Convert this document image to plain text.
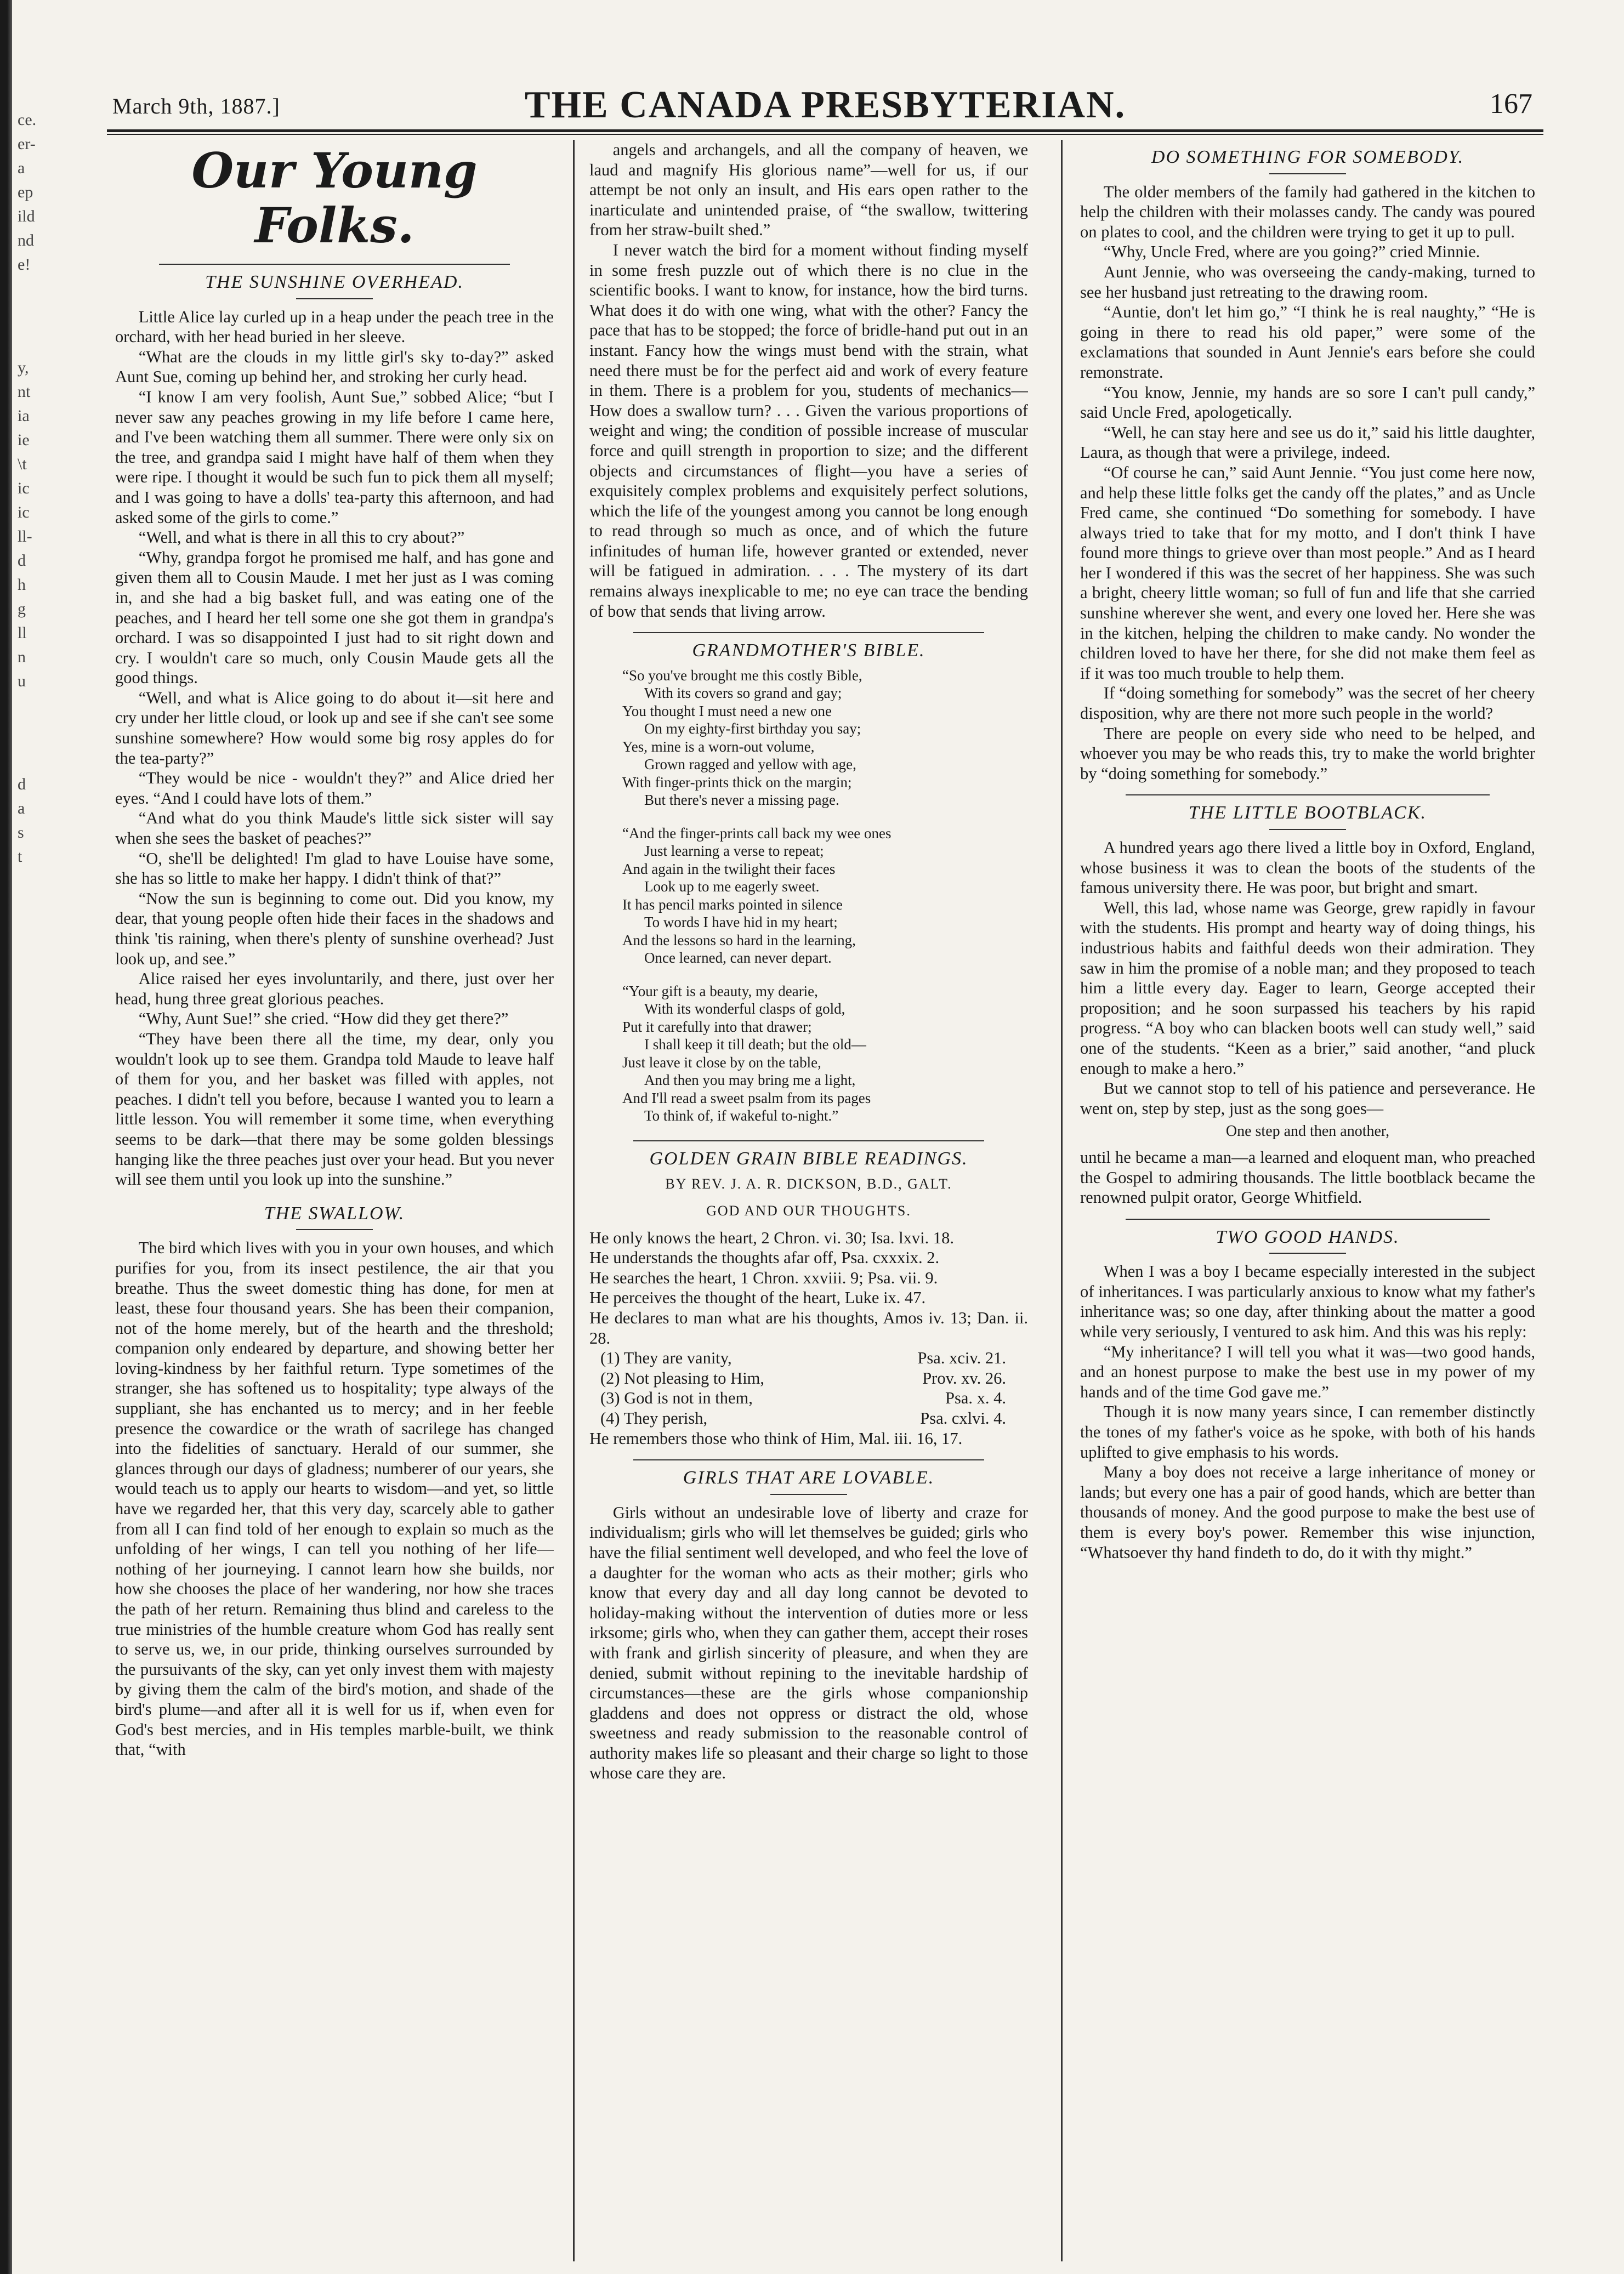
ce.
er-
a
ep
ild
nd
e!
y,
nt
ia
ie
\t
ic
ic
ll-
d
h
g
ll
n
u
d
a
s
t
March 9th, 1887.]	THE CANADA PRESBYTERIAN.	167
Our Young Folks.
THE SUNSHINE OVERHEAD.

Little Alice lay curled up in a heap under the peach tree in the orchard, with her head buried in her sleeve.

“What are the clouds in my little girl's sky to-day?” asked Aunt Sue, coming up behind her, and stroking her curly head.

“I know I am very foolish, Aunt Sue,” sobbed Alice; “but I never saw any peaches growing in my life before I came here, and I've been watching them all summer. There were only six on the tree, and grandpa said I might have half of them when they were ripe. I thought it would be such fun to pick them all myself; and I was going to have a dolls' tea-party this afternoon, and had asked some of the girls to come.”

“Well, and what is there in all this to cry about?”

“Why, grandpa forgot he promised me half, and has gone and given them all to Cousin Maude. I met her just as I was coming in, and she had a big basket full, and was eating one of the peaches, and I heard her tell some one she got them in grandpa's orchard. I was so disappointed I just had to sit right down and cry. I wouldn't care so much, only Cousin Maude gets all the good things.

“Well, and what is Alice going to do about it—sit here and cry under her little cloud, or look up and see if she can't see some sunshine somewhere? How would some big rosy apples do for the tea-party?”

“They would be nice - wouldn't they?” and Alice dried her eyes. “And I could have lots of them.”

“And what do you think Maude's little sick sister will say when she sees the basket of peaches?”

“O, she'll be delighted! I'm glad to have Louise have some, she has so little to make her happy. I didn't think of that?”

“Now the sun is beginning to come out. Did you know, my dear, that young people often hide their faces in the shadows and think 'tis raining, when there's plenty of sunshine overhead? Just look up, and see.”

Alice raised her eyes involuntarily, and there, just over her head, hung three great glorious peaches.

“Why, Aunt Sue!” she cried. “How did they get there?”

“They have been there all the time, my dear, only you wouldn't look up to see them. Grandpa told Maude to leave half of them for you, and her basket was filled with apples, not peaches. I didn't tell you before, because I wanted you to learn a little lesson. You will remember it some time, when everything seems to be dark—that there may be some golden blessings hanging like the three peaches just over your head. But you never will see them until you look up into the sunshine.”

THE SWALLOW.

The bird which lives with you in your own houses, and which purifies for you, from its insect pestilence, the air that you breathe. Thus the sweet domestic thing has done, for men at least, these four thousand years. She has been their companion, not of the home merely, but of the hearth and the threshold; companion only endeared by departure, and showing better her loving-kindness by her faithful return. Type sometimes of the stranger, she has softened us to hospitality; type always of the suppliant, she has enchanted us to mercy; and in her feeble presence the cowardice or the wrath of sacrilege has changed into the fidelities of sanctuary. Herald of our summer, she glances through our days of gladness; numberer of our years, she would teach us to apply our hearts to wisdom—and yet, so little have we regarded her, that this very day, scarcely able to gather from all I can find told of her enough to explain so much as the unfolding of her wings, I can tell you nothing of her life—nothing of her journeying. I cannot learn how she builds, nor how she chooses the place of her wandering, nor how she traces the path of her return. Remaining thus blind and careless to the true ministries of the humble creature whom God has really sent to serve us, we, in our pride, thinking ourselves surrounded by the pursuivants of the sky, can yet only invest them with majesty by giving them the calm of the bird's motion, and shade of the bird's plume—and after all it is well for us if, when even for God's best mercies, and in His temples marble-built, we think that, “with

angels and archangels, and all the company of heaven, we laud and magnify His glorious name”—well for us, if our attempt be not only an insult, and His ears open rather to the inarticulate and unintended praise, of “the swallow, twittering from her straw-built shed.”

I never watch the bird for a moment without finding myself in some fresh puzzle out of which there is no clue in the scientific books. I want to know, for instance, how the bird turns. What does it do with one wing, what with the other? Fancy the pace that has to be stopped; the force of bridle-hand put out in an instant. Fancy how the wings must bend with the strain, what need there must be for the perfect aid and work of every feature in them. There is a problem for you, students of mechanics—How does a swallow turn? . . . Given the various proportions of weight and wing; the condition of possible increase of muscular force and quill strength in proportion to size; and the different objects and circumstances of flight—you have a series of exquisitely complex problems and exquisitely perfect solutions, which the life of the youngest among you cannot be long enough to read through so much as once, and of which the future infinitudes of human life, however granted or extended, never will be fatigued in admiration. . . . The mystery of its dart remains always inexplicable to me; no eye can trace the bending of bow that sends that living arrow.

GRANDMOTHER'S BIBLE.
“So you've brought me this costly Bible,
With its covers so grand and gay;
You thought I must need a new one
On my eighty-first birthday you say;
Yes, mine is a worn-out volume,
Grown ragged and yellow with age,
With finger-prints thick on the margin;
But there's never a missing page.
“And the finger-prints call back my wee ones
Just learning a verse to repeat;
And again in the twilight their faces
Look up to me eagerly sweet.
It has pencil marks pointed in silence
To words I have hid in my heart;
And the lessons so hard in the learning,
Once learned, can never depart.
“Your gift is a beauty, my dearie,
With its wonderful clasps of gold,
Put it carefully into that drawer;
I shall keep it till death; but the old—
Just leave it close by on the table,
And then you may bring me a light,
And I'll read a sweet psalm from its pages
To think of, if wakeful to-night.”
GOLDEN GRAIN BIBLE READINGS.
BY REV. J. A. R. DICKSON, B.D., GALT.
GOD AND OUR THOUGHTS.

He only knows the heart, 2 Chron. vi. 30; Isa. lxvi. 18.

He understands the thoughts afar off, Psa. cxxxix. 2.

He searches the heart, 1 Chron. xxviii. 9; Psa. vii. 9.

He perceives the thought of the heart, Luke ix. 47.

He declares to man what are his thoughts, Amos iv. 13; Dan. ii. 28.

(1) They are vanity,	Psa. xciv. 21.
(2) Not pleasing to Him,	Prov. xv. 26.
(3) God is not in them,	Psa. x. 4.
(4) They perish,	Psa. cxlvi. 4.

He remembers those who think of Him, Mal. iii. 16, 17.

GIRLS THAT ARE LOVABLE.

Girls without an undesirable love of liberty and craze for individualism; girls who will let themselves be guided; girls who have the filial sentiment well developed, and who feel the love of a daughter for the woman who acts as their mother; girls who know that every day and all day long cannot be devoted to holiday-making without the intervention of duties more or less irksome; girls who, when they can gather them, accept their roses with frank and girlish sincerity of pleasure, and when they are denied, submit without repining to the inevitable hardship of circumstances—these are the girls whose companionship gladdens and does not oppress or distract the old, whose sweetness and ready submission to the reasonable control of authority makes life so pleasant and their charge so light to those whose care they are.

DO SOMETHING FOR SOMEBODY.

The older members of the family had gathered in the kitchen to help the children with their molasses candy. The candy was poured on plates to cool, and the children were trying to get it up to pull.

“Why, Uncle Fred, where are you going?” cried Minnie.

Aunt Jennie, who was overseeing the candy-making, turned to see her husband just retreating to the drawing room.

“Auntie, don't let him go,” “I think he is real naughty,” “He is going in there to read his old paper,” were some of the exclamations that sounded in Aunt Jennie's ears before she could remonstrate.

“You know, Jennie, my hands are so sore I can't pull candy,” said Uncle Fred, apologetically.

“Well, he can stay here and see us do it,” said his little daughter, Laura, as though that were a privilege, indeed.

“Of course he can,” said Aunt Jennie. “You just come here now, and help these little folks get the candy off the plates,” and as Uncle Fred came, she continued “Do something for somebody. I have always tried to take that for my motto, and I don't think I have found more things to grieve over than most people.” And as I heard her I wondered if this was the secret of her happiness. She was such a bright, cheery little woman; so full of fun and life that she carried sunshine wherever she went, and every one loved her. Here she was in the kitchen, helping the children to make candy. No wonder the children loved to have her there, for she did not make them feel as if it was too much trouble to help them.

If “doing something for somebody” was the secret of her cheery disposition, why are there not more such people in the world?

There are people on every side who need to be helped, and whoever you may be who reads this, try to make the world brighter by “doing something for somebody.”

THE LITTLE BOOTBLACK.

A hundred years ago there lived a little boy in Oxford, England, whose business it was to clean the boots of the students of the famous university there. He was poor, but bright and smart.

Well, this lad, whose name was George, grew rapidly in favour with the students. His prompt and hearty way of doing things, his industrious habits and faithful deeds won their admiration. They saw in him the promise of a noble man; and they proposed to teach him a little every day. Eager to learn, George accepted their proposition; and he soon surpassed his teachers by his rapid progress. “A boy who can blacken boots well can study well,” said one of the students. “Keen as a brier,” said another, “and pluck enough to make a hero.”

But we cannot stop to tell of his patience and perseverance. He went on, step by step, just as the song goes—

One step and then another,

until he became a man—a learned and eloquent man, who preached the Gospel to admiring thousands. The little bootblack became the renowned pulpit orator, George Whitfield.

TWO GOOD HANDS.

When I was a boy I became especially interested in the subject of inheritances. I was particularly anxious to know what my father's inheritance was; so one day, after thinking about the matter a good while very seriously, I ventured to ask him. And this was his reply:

“My inheritance? I will tell you what it was—two good hands, and an honest purpose to make the best use in my power of my hands and of the time God gave me.”

Though it is now many years since, I can remember distinctly the tones of my father's voice as he spoke, with both of his hands uplifted to give emphasis to his words.

Many a boy does not receive a large inheritance of money or lands; but every one has a pair of good hands, which are better than thousands of money. And the good purpose to make the best use of them is every boy's power. Remember this wise injunction, “Whatsoever thy hand findeth to do, do it with thy might.”
